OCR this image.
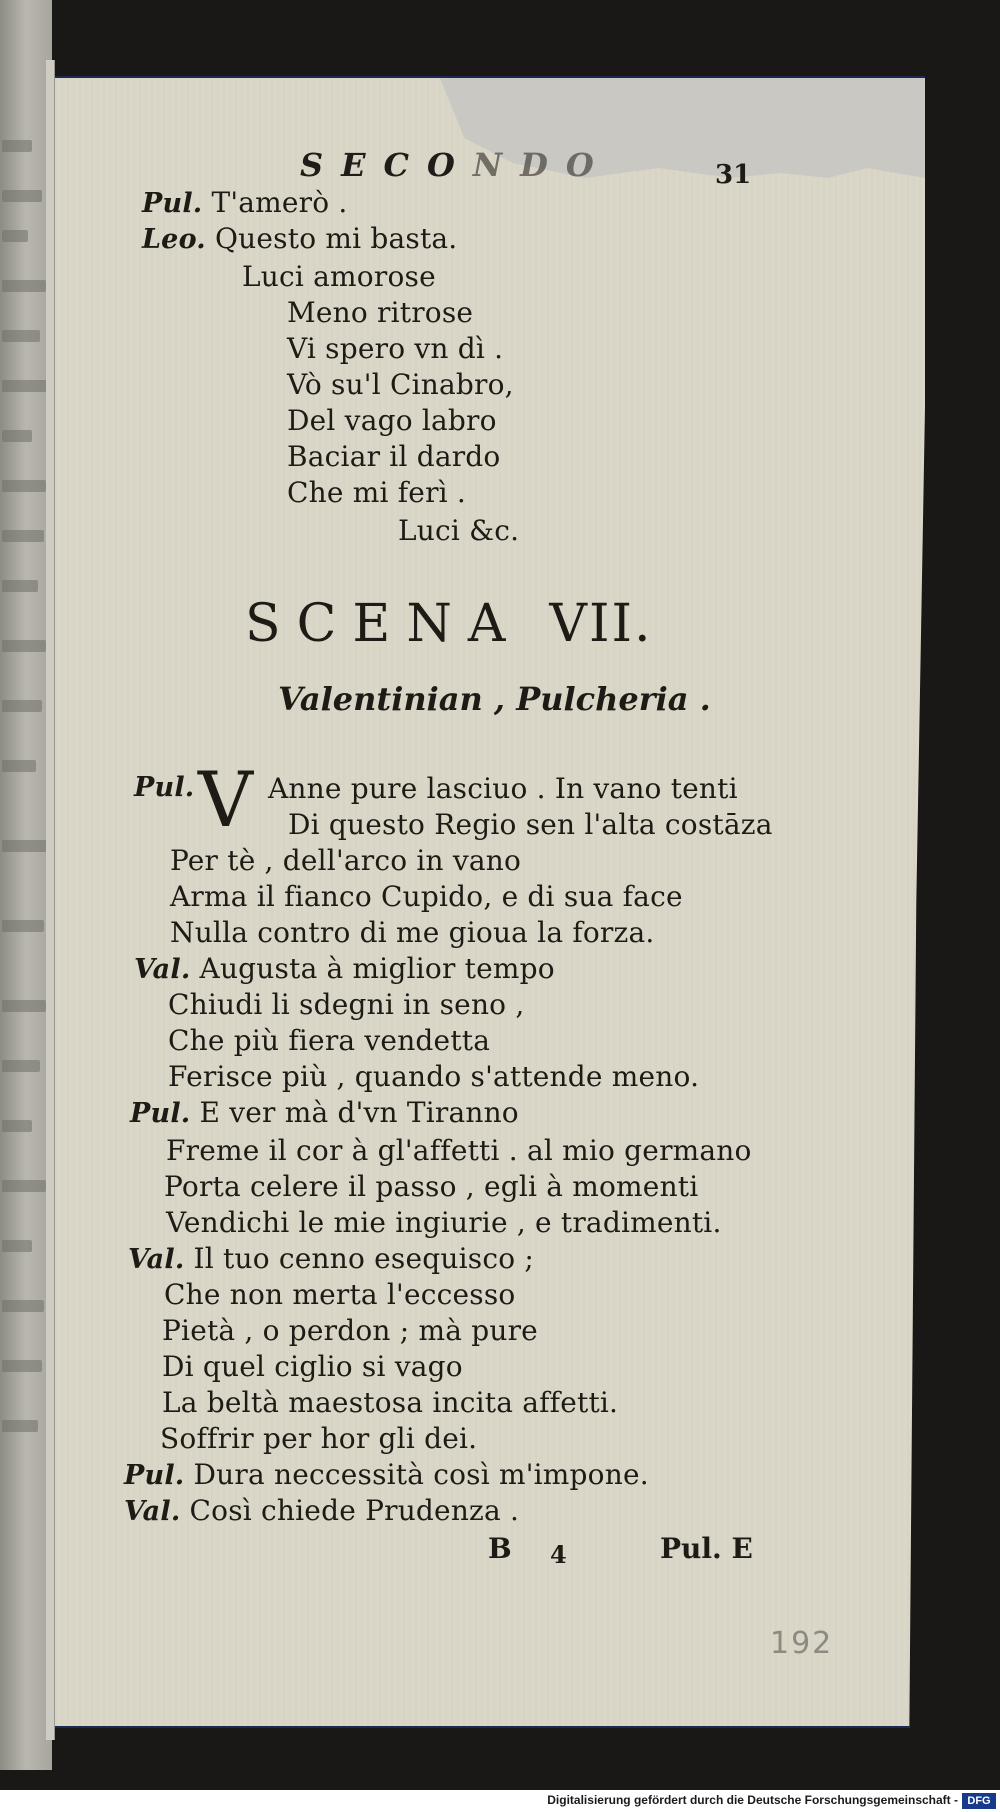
SECONDO	31
Pul. T'amerò .
Leo. Questo mi basta.
Luci amorose
Meno ritrose
Vi spero vn dì .
Vò su'l Cinabro,
Del vago labro
Baciar il dardo
Che mi ferì .
Luci &c.
SCENA VII.
Valentinian , Pulcheria .
Pul. V Anne pure lasciuo . In vano tenti
Di questo Regio sen l'alta costāza
Per tè , dell'arco in vano
Arma il fianco Cupido, e di sua face
Nulla contro di me gioua la forza.
Val. Augusta à miglior tempo
Chiudi li sdegni in seno ,
Che più fiera vendetta
Ferisce più , quando s'attende meno.
Pul. E ver mà d'vn Tiranno
Freme il cor à gl'affetti . al mio germano
Porta celere il passo , egli à momenti
Vendichi le mie ingiurie , e tradimenti.
Val. Il tuo cenno esequisco ;
Che non merta l'eccesso
Pietà , o perdon ; mà pure
Di quel ciglio si vago
La beltà maestosa incita affetti.
Soffrir per hor gli dei.
Pul. Dura neccessità così m'impone.
Val. Così chiede Prudenza .
B 4	Pul. E
192
Digitalisierung gefördert durch die Deutsche Forschungsgemeinschaft - DFG
